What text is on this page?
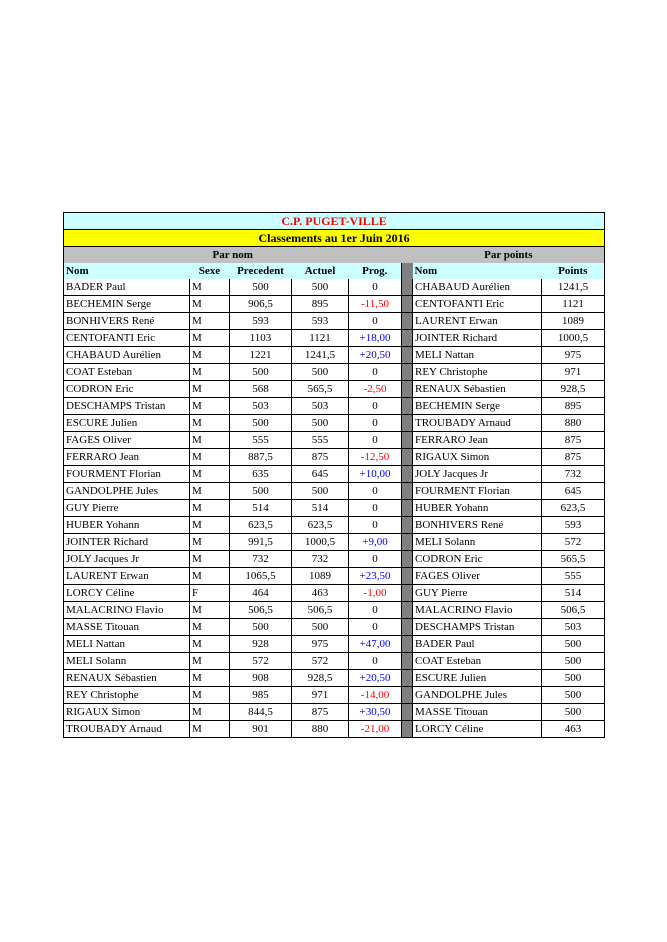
C.P. PUGET-VILLE							
Classements au 1er Juin 2016							
Par nom						Par points	
Nom	Sexe	Precedent	Actuel	Prog.		Nom	Points
BADER Paul	M	500	500	0		CHABAUD Aurélien	1241,5
BECHEMIN Serge	M	906,5	895	-11,50		CENTOFANTI Eric	1121
BONHIVERS René	M	593	593	0		LAURENT Erwan	1089
CENTOFANTI Eric	M	1103	1121	+18,00		JOINTER Richard	1000,5
CHABAUD Aurélien	M	1221	1241,5	+20,50		MELI Nattan	975
COAT Esteban	M	500	500	0		REY Christophe	971
CODRON Eric	M	568	565,5	-2,50		RENAUX Sébastien	928,5
DESCHAMPS Tristan	M	503	503	0		BECHEMIN Serge	895
ESCURE Julien	M	500	500	0		TROUBADY Arnaud	880
FAGES Oliver	M	555	555	0		FERRARO Jean	875
FERRARO Jean	M	887,5	875	-12,50		RIGAUX Simon	875
FOURMENT Florian	M	635	645	+10,00		JOLY Jacques Jr	732
GANDOLPHE Jules	M	500	500	0		FOURMENT Florian	645
GUY Pierre	M	514	514	0		HUBER Yohann	623,5
HUBER Yohann	M	623,5	623,5	0		BONHIVERS René	593
JOINTER Richard	M	991,5	1000,5	+9,00		MELI Solann	572
JOLY Jacques Jr	M	732	732	0		CODRON Eric	565,5
LAURENT Erwan	M	1065,5	1089	+23,50		FAGES Oliver	555
LORCY Céline	F	464	463	-1,00		GUY Pierre	514
MALACRINO Flavio	M	506,5	506,5	0		MALACRINO Flavio	506,5
MASSE Titouan	M	500	500	0		DESCHAMPS Tristan	503
MELI Nattan	M	928	975	+47,00		BADER Paul	500
MELI Solann	M	572	572	0		COAT Esteban	500
RENAUX Sébastien	M	908	928,5	+20,50		ESCURE Julien	500
REY Christophe	M	985	971	-14,00		GANDOLPHE Jules	500
RIGAUX Simon	M	844,5	875	+30,50		MASSE Titouan	500
TROUBADY Arnaud	M	901	880	-21,00		LORCY Céline	463
